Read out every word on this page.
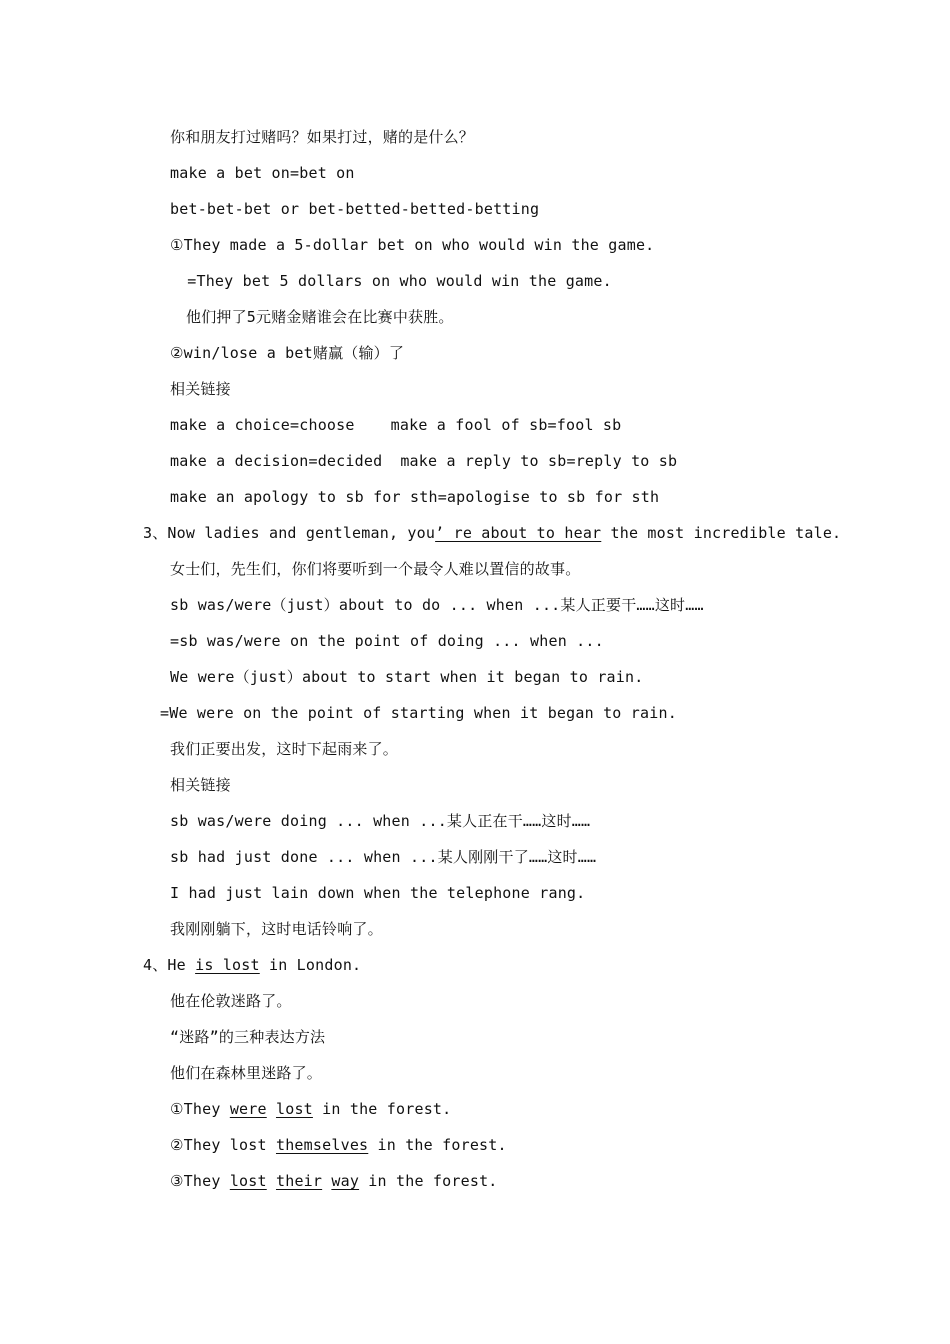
你和朋友打过赌吗？如果打过，赌的是什么？
make a bet on=bet on
bet-bet-bet or bet-betted-betted-betting
①They made a 5-dollar bet on who would win the game.
=They bet 5 dollars on who would win the game.
他们押了5元赌金赌谁会在比赛中获胜。
②win/lose a bet赌赢（输）了
相关链接
make a choice=choose make a fool of sb=fool sb
make a decision=decided make a reply to sb=reply to sb
make an apology to sb for sth=apologise to sb for sth
3、Now ladies and gentleman, you’ re about to hear the most incredible tale.
女士们，先生们，你们将要听到一个最令人难以置信的故事。
sb was/were（just）about to do ... when ...某人正要干……这时……
=sb was/were on the point of doing ... when ...
We were（just）about to start when it began to rain.
=We were on the point of starting when it began to rain.
我们正要出发，这时下起雨来了。
相关链接
sb was/were doing ... when ...某人正在干……这时……
sb had just done ... when ...某人刚刚干了……这时……
I had just lain down when the telephone rang.
我刚刚躺下，这时电话铃响了。
4、He is lost in London.
他在伦敦迷路了。
“迷路”的三种表达方法
他们在森林里迷路了。
①They were lost in the forest.
②They lost themselves in the forest.
③They lost their way in the forest.
